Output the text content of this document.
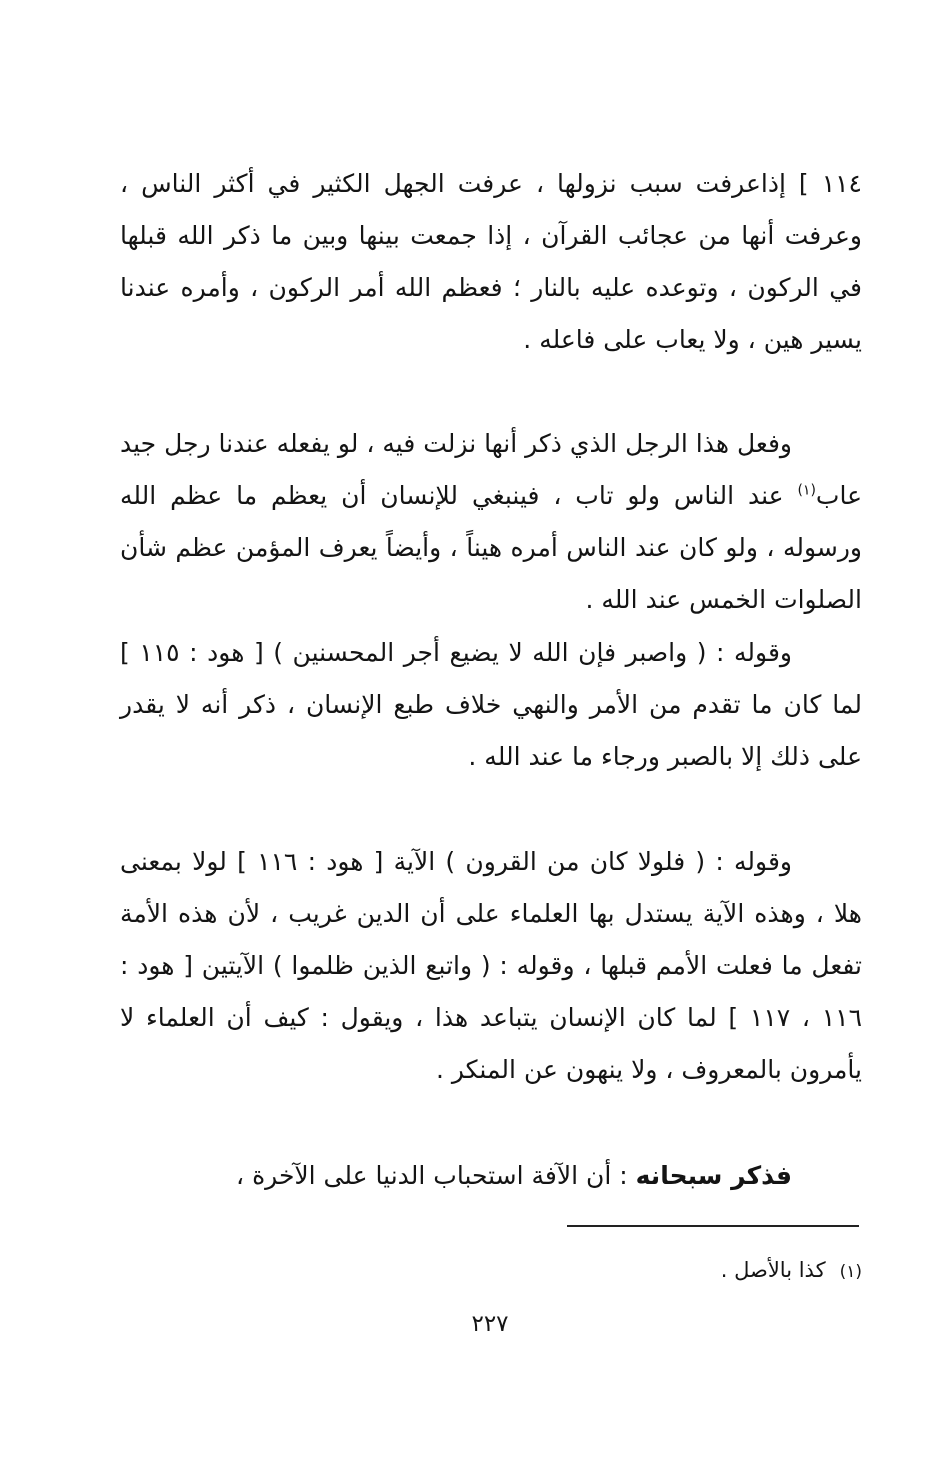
١١٤ ] إذاعرفت سبب نزولها ، عرفت الجهل الكثير في أكثر الناس ، وعرفت أنها من عجائب القرآن ، إذا جمعت بينها وبين ما ذكر الله قبلها في الركون ، وتوعده عليه بالنار ؛ فعظم الله أمر الركون ، وأمره عندنا يسير هين ، ولا يعاب على فاعله .

وفعل هذا الرجل الذي ذكر أنها نزلت فيه ، لو يفعله عندنا رجل جيد عاب$^{(١)}$ عند الناس ولو تاب ، فينبغي للإنسان أن يعظم ما عظم الله ورسوله ، ولو كان عند الناس أمره هيناً ، وأيضاً يعرف المؤمن عظم شأن الصلوات الخمس عند الله .

وقوله : ( واصبر فإن الله لا يضيع أجر المحسنين ) [ هود : ١١٥ ] لما كان ما تقدم من الأمر والنهي خلاف طبع الإنسان ، ذكر أنه لا يقدر على ذلك إلا بالصبر ورجاء ما عند الله .

وقوله : ( فلولا كان من القرون ) الآية [ هود : ١١٦ ] لولا بمعنى هلا ، وهذه الآية يستدل بها العلماء على أن الدين غريب ، لأن هذه الأمة تفعل ما فعلت الأمم قبلها ، وقوله : ( واتبع الذين ظلموا ) الآيتين [ هود : ١١٦ ، ١١٧ ] لما كان الإنسان يتباعد هذا ، ويقول : كيف أن العلماء لا يأمرون بالمعروف ، ولا ينهون عن المنكر .

فذكر سبحانه : أن الآفة استحباب الدنيا على الآخرة ،

(١)كذا بالأصل .

٢٢٧
